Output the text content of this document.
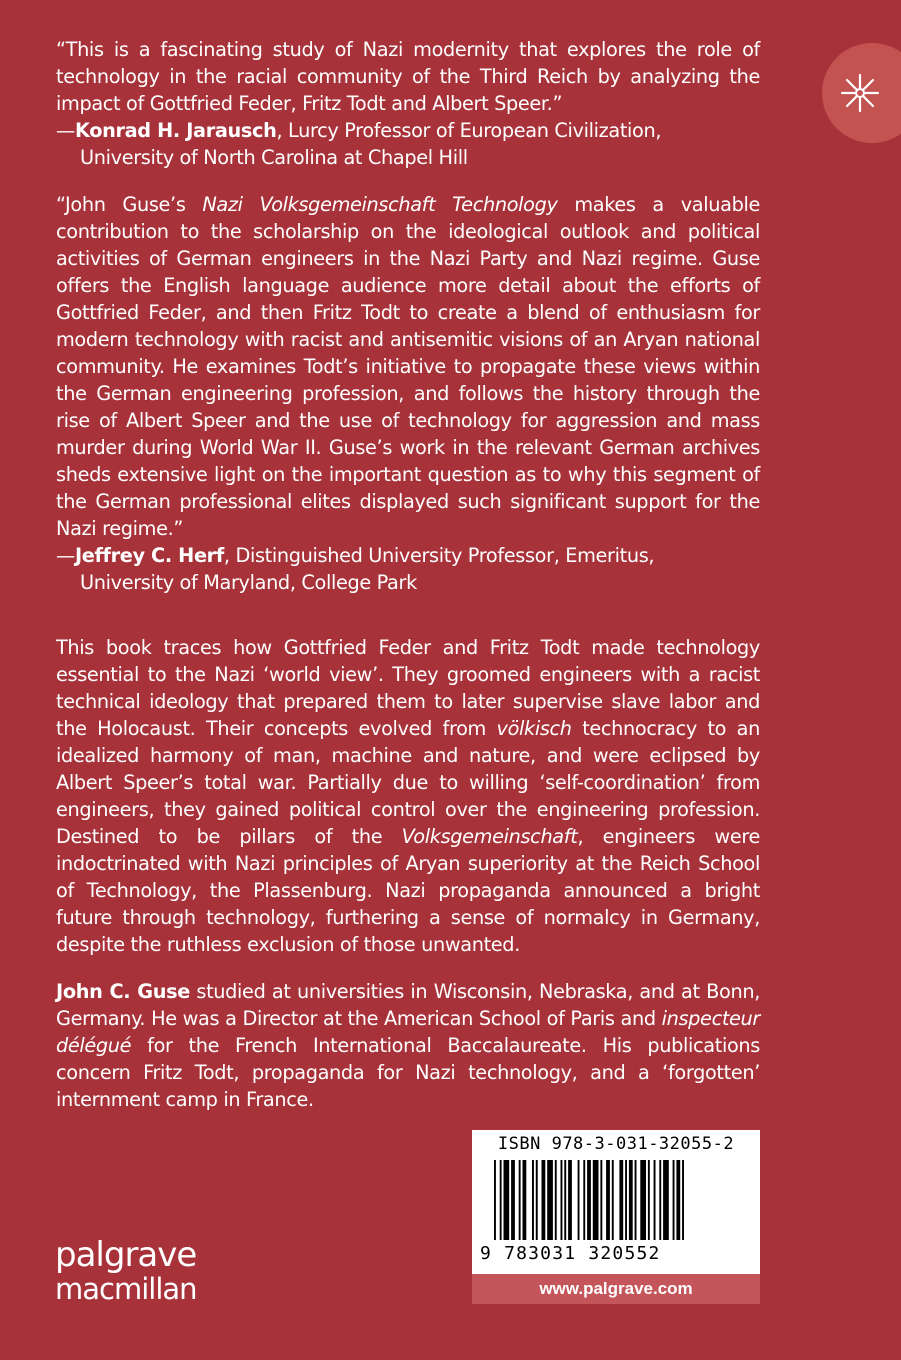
“This is a fascinating study of Nazi modernity that explores the role of technology in the racial community of the Third Reich by analyzing the impact of Gottfried Feder, Fritz Todt and Albert Speer.”

—Konrad H. Jarausch, Lurcy Professor of European Civilization,

University of North Carolina at Chapel Hill

“John Guse’s Nazi Volksgemeinschaft Technology makes a valuable contribution to the scholarship on the ideological outlook and political activities of German engineers in the Nazi Party and Nazi regime. Guse offers the English language audience more detail about the efforts of Gottfried Feder, and then Fritz Todt to create a blend of enthusiasm for modern technology with racist and antisemitic visions of an Aryan national community. He examines Todt’s initiative to propagate these views within the German engineering profession, and follows the history through the rise of Albert Speer and the use of technology for aggression and mass murder during World War II. Guse’s work in the relevant German archives sheds extensive light on the important question as to why this segment of the German professional elites displayed such significant support for the Nazi regime.”

—Jeffrey C. Herf, Distinguished University Professor, Emeritus,

University of Maryland, College Park

This book traces how Gottfried Feder and Fritz Todt made technology essential to the Nazi ‘world view’. They groomed engineers with a racist technical ideology that prepared them to later supervise slave labor and the Holocaust. Their concepts evolved from völkisch technocracy to an idealized harmony of man, machine and nature, and were eclipsed by Albert Speer’s total war. Partially due to willing ‘self-coordination’ from engineers, they gained political control over the engineering profession. Destined to be pillars of the Volksgemeinschaft, engineers were indoctrinated with Nazi principles of Aryan superiority at the Reich School of Technology, the Plassenburg. Nazi propaganda announced a bright future through technology, furthering a sense of normalcy in Germany, despite the ruthless exclusion of those unwanted.

John C. Guse studied at universities in Wisconsin, Nebraska, and at Bonn, Germany. He was a Director at the American School of Paris and inspecteur délégué for the French International Baccalaureate. His publications concern Fritz Todt, propaganda for Nazi technology, and a ‘forgotten’ internment camp in France.

palgrave
macmillan
ISBN 978-3-031-32055-2
9 783031 320552
www.palgrave.com
